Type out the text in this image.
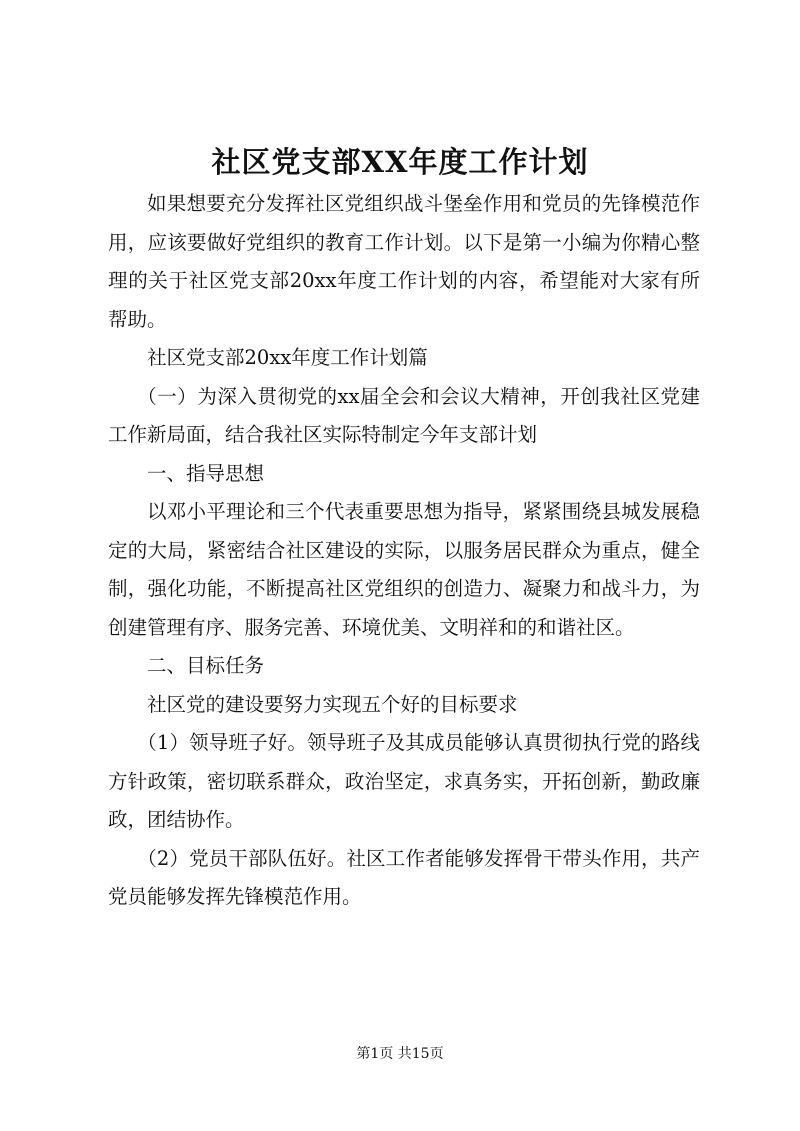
社区党支部XX年度工作计划

如果想要充分发挥社区党组织战斗堡垒作用和党员的先锋模范作用，应该要做好党组织的教育工作计划。以下是第一小编为你精心整理的关于社区党支部20xx年度工作计划的内容，希望能对大家有所帮助。

社区党支部20xx年度工作计划篇

（一）为深入贯彻党的xx届全会和会议大精神，开创我社区党建工作新局面，结合我社区实际特制定今年支部计划

一、指导思想

以邓小平理论和三个代表重要思想为指导，紧紧围绕县城发展稳定的大局，紧密结合社区建设的实际，以服务居民群众为重点，健全制，强化功能，不断提高社区党组织的创造力、凝聚力和战斗力，为创建管理有序、服务完善、环境优美、文明祥和的和谐社区。

二、目标任务

社区党的建设要努力实现五个好的目标要求

（1）领导班子好。领导班子及其成员能够认真贯彻执行党的路线方针政策，密切联系群众，政治坚定，求真务实，开拓创新，勤政廉政，团结协作。

（2）党员干部队伍好。社区工作者能够发挥骨干带头作用，共产党员能够发挥先锋模范作用。

第1页 共15页
